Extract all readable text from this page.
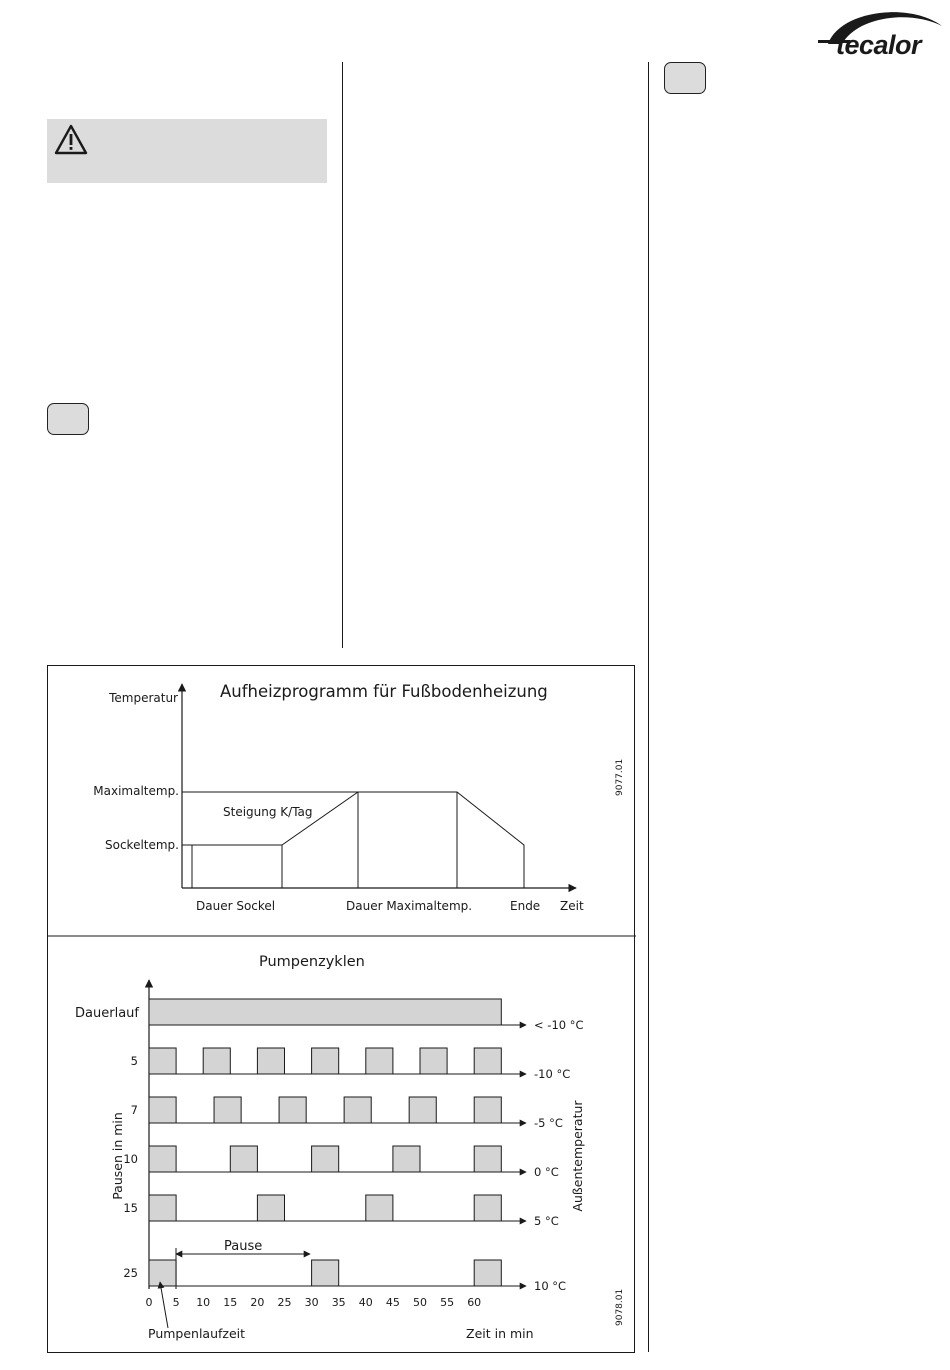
tecalor
Aufheizprogramm für Fußbodenheizung
Temperatur
Maximaltemp.
Sockeltemp.
Steigung K/Tag
Dauer Sockel	Dauer Maximaltemp.	Ende Zeit
9077.01
Pumpenzyklen
Pausen in min	Außentemperatur
Dauerlauf
< -10 °C
-10 °C
5
-5 °C
7
0 °C
10
5 °C
15
10 °C
25
0 5 10 15 20 25 30 35 40 45 50 55 60
Pause
Pumpenlaufzeit	Zeit in min
9078.01
